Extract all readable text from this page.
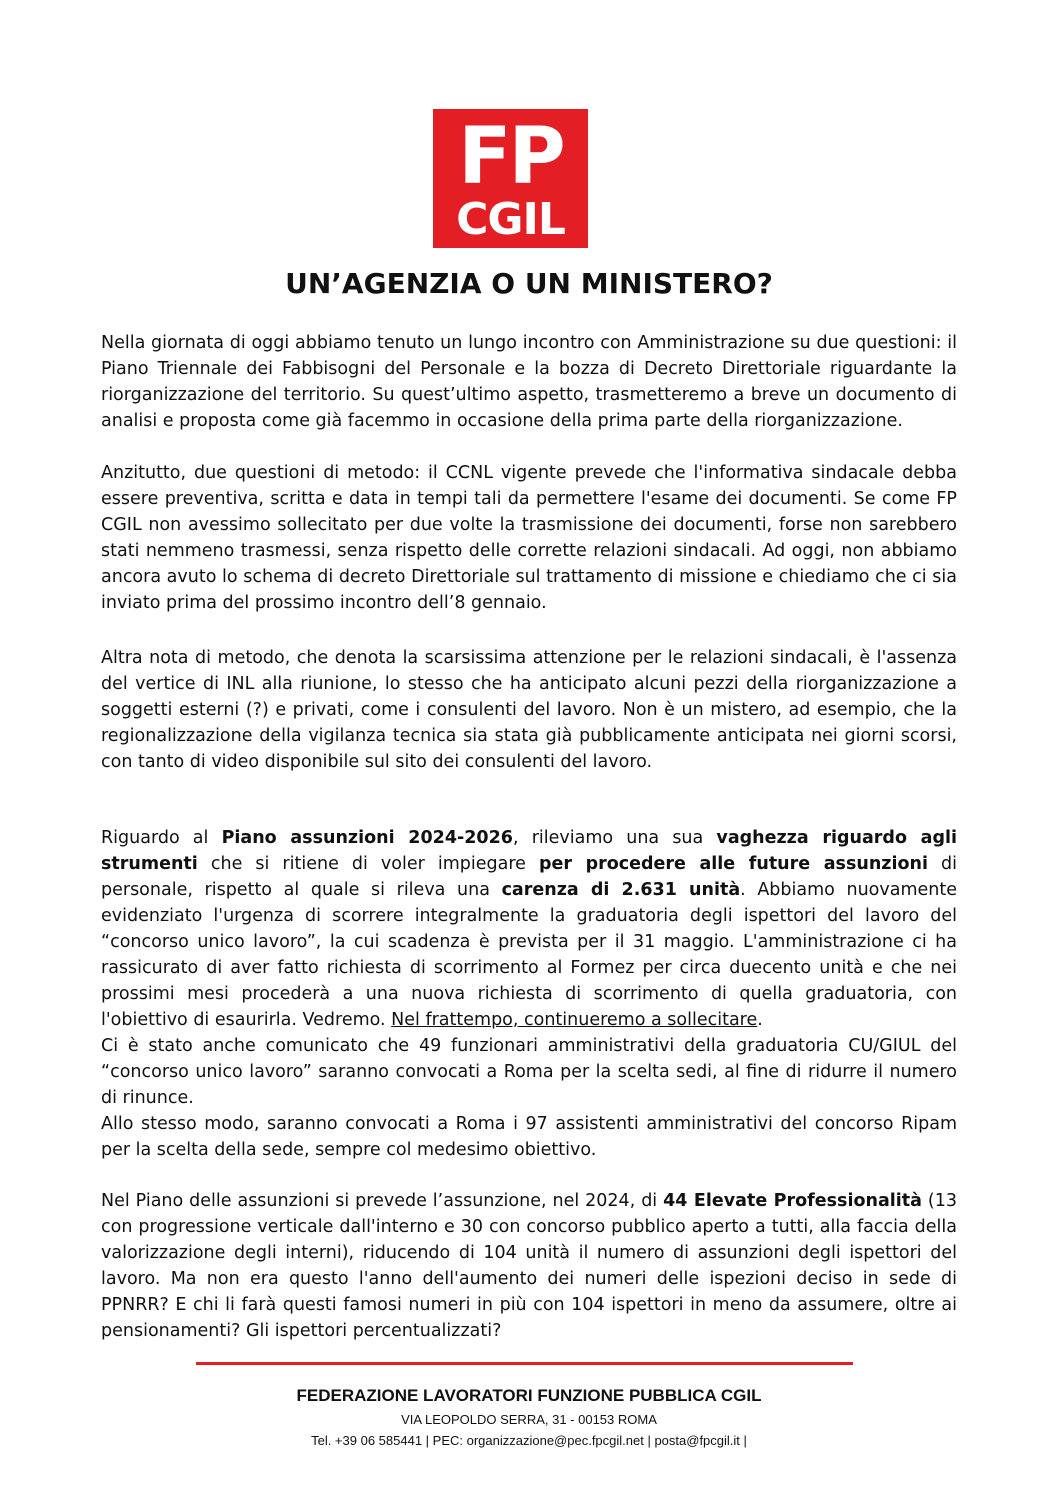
FP
CGIL
UN’AGENZIA O UN MINISTERO?

Nella giornata di oggi abbiamo tenuto un lungo incontro con Amministrazione su due questioni: il Piano Triennale dei Fabbisogni del Personale e la bozza di Decreto Direttoriale riguardante la riorganizzazione del territorio. Su quest’ultimo aspetto, trasmetteremo a breve un documento di analisi e proposta come già facemmo in occasione della prima parte della riorganizzazione.

Anzitutto, due questioni di metodo: il CCNL vigente prevede che l'informativa sindacale debba essere preventiva, scritta e data in tempi tali da permettere l'esame dei documenti. Se come FP CGIL non avessimo sollecitato per due volte la trasmissione dei documenti, forse non sarebbero stati nemmeno trasmessi, senza rispetto delle corrette relazioni sindacali. Ad oggi, non abbiamo ancora avuto lo schema di decreto Direttoriale sul trattamento di missione e chiediamo che ci sia inviato prima del prossimo incontro dell’8 gennaio.

Altra nota di metodo, che denota la scarsissima attenzione per le relazioni sindacali, è l'assenza del vertice di INL alla riunione, lo stesso che ha anticipato alcuni pezzi della riorganizzazione a soggetti esterni (?) e privati, come i consulenti del lavoro. Non è un mistero, ad esempio, che la regionalizzazione della vigilanza tecnica sia stata già pubblicamente anticipata nei giorni scorsi, con tanto di video disponibile sul sito dei consulenti del lavoro.

Riguardo al Piano assunzioni 2024-2026, rileviamo una sua vaghezza riguardo agli strumenti che si ritiene di voler impiegare per procedere alle future assunzioni di personale, rispetto al quale si rileva una carenza di 2.631 unità. Abbiamo nuovamente evidenziato l'urgenza di scorrere integralmente la graduatoria degli ispettori del lavoro del “concorso unico lavoro”, la cui scadenza è prevista per il 31 maggio. L'amministrazione ci ha rassicurato di aver fatto richiesta di scorrimento al Formez per circa duecento unità e che nei prossimi mesi procederà a una nuova richiesta di scorrimento di quella graduatoria, con l'obiettivo di esaurirla. Vedremo. Nel frattempo, continueremo a sollecitare.

Ci è stato anche comunicato che 49 funzionari amministrativi della graduatoria CU/GIUL del “concorso unico lavoro” saranno convocati a Roma per la scelta sedi, al fine di ridurre il numero di rinunce.

Allo stesso modo, saranno convocati a Roma i 97 assistenti amministrativi del concorso Ripam per la scelta della sede, sempre col medesimo obiettivo.

Nel Piano delle assunzioni si prevede l’assunzione, nel 2024, di 44 Elevate Professionalità (13 con progressione verticale dall'interno e 30 con concorso pubblico aperto a tutti, alla faccia della valorizzazione degli interni), riducendo di 104 unità il numero di assunzioni degli ispettori del lavoro. Ma non era questo l'anno dell'aumento dei numeri delle ispezioni deciso in sede di PPNRR? E chi li farà questi famosi numeri in più con 104 ispettori in meno da assumere, oltre ai pensionamenti? Gli ispettori percentualizzati?

FEDERAZIONE LAVORATORI FUNZIONE PUBBLICA CGIL
VIA LEOPOLDO SERRA, 31 - 00153 ROMA
Tel. +39 06 585441 | PEC: organizzazione@pec.fpcgil.net | posta@fpcgil.it |
